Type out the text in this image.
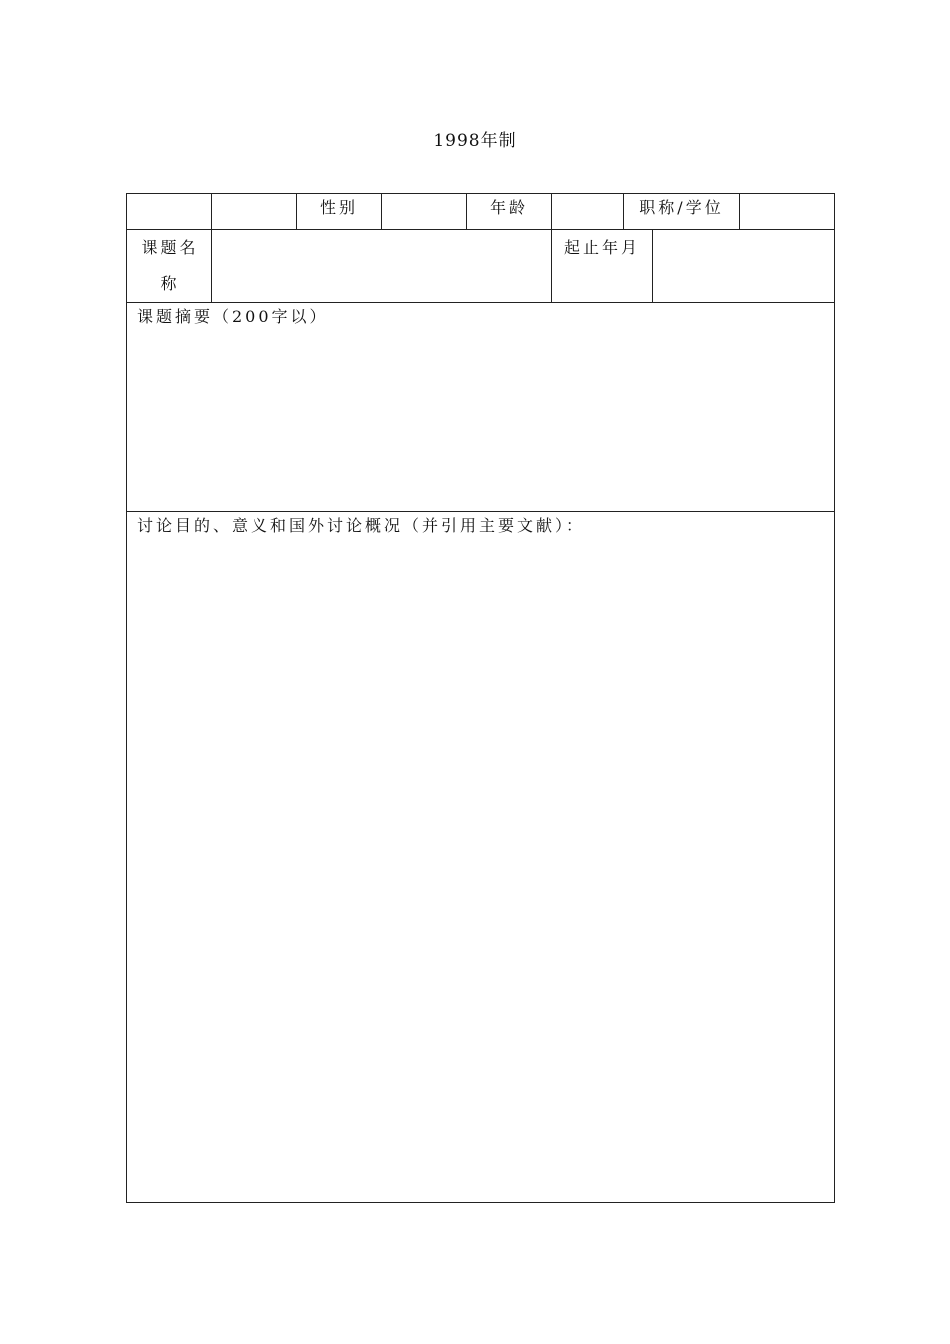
1998年制
		性别		年龄		职称/学位		

课题名
称					起止年月			
课题摘要（200字以）								
讨论目的、意义和国外讨论概况（并引用主要文献）：								
